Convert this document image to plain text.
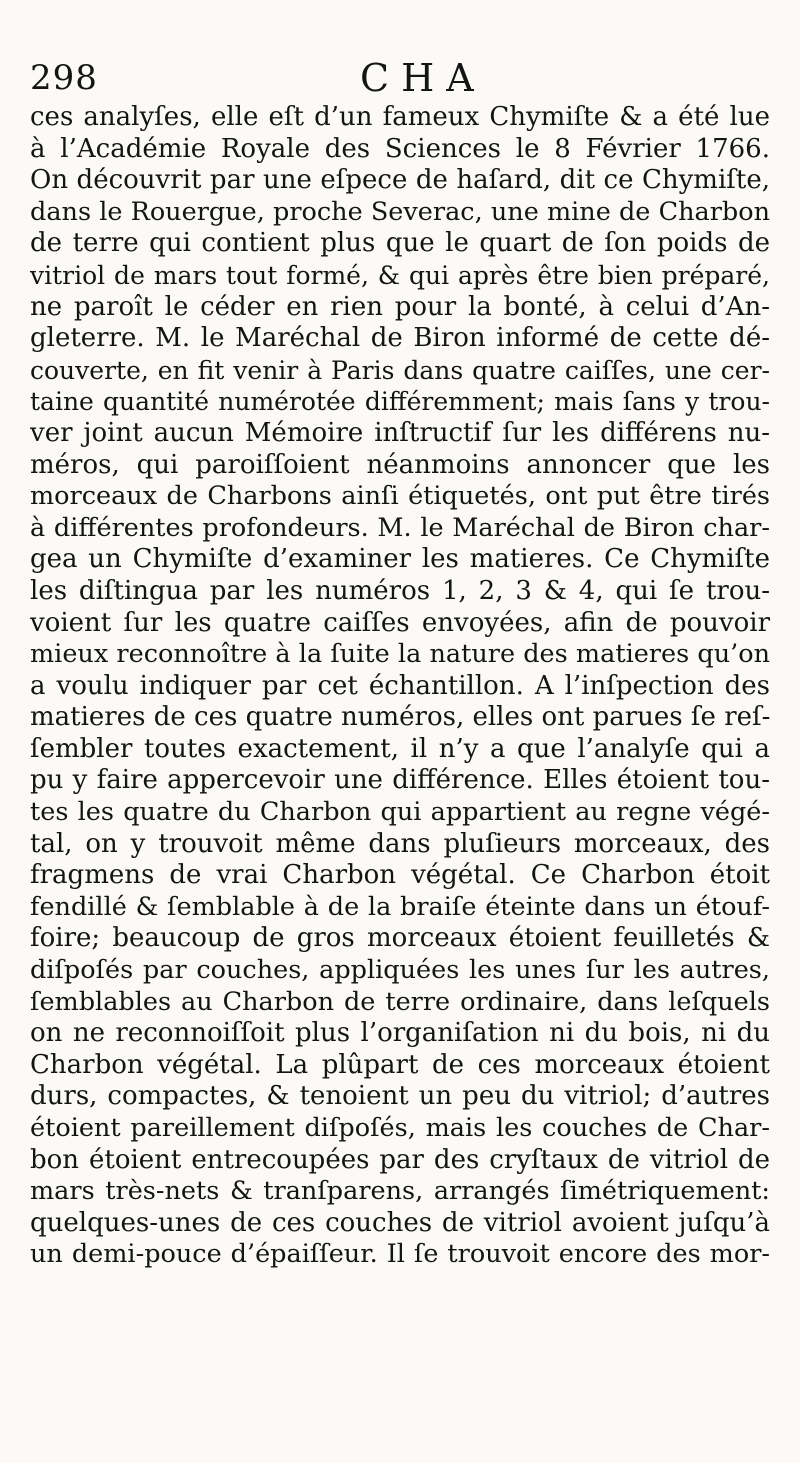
298	CHA
ces analyſes, elle eſt d’un fameux Chymiſte & a été lue
à l’Académie Royale des Sciences le 8 Février 1766.
On découvrit par une eſpece de haſard, dit ce Chymiſte,
dans le Rouergue, proche Severac, une mine de Charbon
de terre qui contient plus que le quart de ſon poids de
vitriol de mars tout formé, & qui après être bien préparé,
ne paroît le céder en rien pour la bonté, à celui d’An-
gleterre. M. le Maréchal de Biron informé de cette dé-
couverte, en fit venir à Paris dans quatre caiſſes, une cer-
taine quantité numérotée différemment; mais ſans y trou-
ver joint aucun Mémoire inſtructif ſur les différens nu-
méros, qui paroiſſoient néanmoins annoncer que les
morceaux de Charbons ainſi étiquetés, ont put être tirés
à différentes profondeurs. M. le Maréchal de Biron char-
gea un Chymiſte d’examiner les matieres. Ce Chymiſte
les diſtingua par les numéros 1, 2, 3 & 4, qui ſe trou-
voient ſur les quatre caiſſes envoyées, afin de pouvoir
mieux reconnoître à la ſuite la nature des matieres qu’on
a voulu indiquer par cet échantillon. A l’inſpection des
matieres de ces quatre numéros, elles ont parues ſe reſ-
ſembler toutes exactement, il n’y a que l’analyſe qui a
pu y faire appercevoir une différence. Elles étoient tou-
tes les quatre du Charbon qui appartient au regne végé-
tal, on y trouvoit même dans pluſieurs morceaux, des
fragmens de vrai Charbon végétal. Ce Charbon étoit
fendillé & ſemblable à de la braiſe éteinte dans un étouf-
foire; beaucoup de gros morceaux étoient feuilletés &
diſpoſés par couches, appliquées les unes ſur les autres,
ſemblables au Charbon de terre ordinaire, dans leſquels
on ne reconnoiſſoit plus l’organiſation ni du bois, ni du
Charbon végétal. La plûpart de ces morceaux étoient
durs, compactes, & tenoient un peu du vitriol; d’autres
étoient pareillement diſpoſés, mais les couches de Char-
bon étoient entrecoupées par des cryſtaux de vitriol de
mars très-nets & tranſparens, arrangés ſimétriquement:
quelques-unes de ces couches de vitriol avoient juſqu’à
un demi-pouce d’épaiſſeur. Il ſe trouvoit encore des mor-
